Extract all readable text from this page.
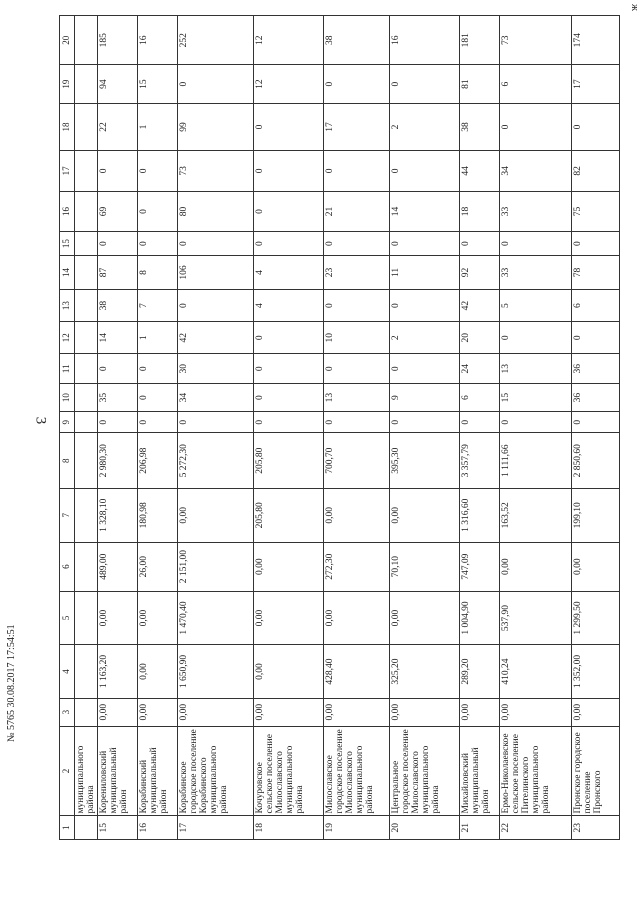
3
ж
1	2	3	4	5	6	7	8	9	10	11	12	13	14	15	16	17	18	19	20
	муниципального района																		
15	Корениловский муниципальный район	0,00	1 163,20	0,00	489,00	1 328,10	2 980,30	0	35	0	14	38	87	0	69	0	22	94	185
16	Корабинский муниципальный район	0,00	0,00	0,00	26,00	180,98	206,98	0	0	0	1	7	8	0	0	0	1	15	16
17	Корабинское городское поселение Корабинского муниципального района	0,00	1 650,90	1 470,40	2 151,00	0,00	5 272,30	0	34	30	42	0	106	0	80	73	99	0	252
18	Кочуровское сельское поселение Милославского муниципального района	0,00	0,00	0,00	0,00	205,80	205,80	0	0	0	0	4	4	0	0	0	0	12	12
19	Милославское городское поселение Милославского муниципального района	0,00	428,40	0,00	272,30	0,00	700,70	0	13	0	10	0	23	0	21	0	17	0	38
20	Центральное городское поселение Милославского муниципального района	0,00	325,20	0,00	70,10	0,00	395,30	0	9	0	2	0	11	0	14	0	2	0	16
21	Михайловский муниципальный район	0,00	289,20	1 004,90	747,09	1 316,60	3 357,79	0	6	24	20	42	92	0	18	44	38	81	181
22	Ермо-Николаевское сельское поселение Пителинского муниципального района	0,00	410,24	537,90	0,00	163,52	1 111,66	0	15	13	0	5	33	0	33	34	0	6	73
23	Пронское городское поселение Пронского	0,00	1 352,00	1 299,50	0,00	199,10	2 850,60	0	36	36	0	6	78	0	75	82	0	17	174
№ 5765 30.08.2017 17:54:51
